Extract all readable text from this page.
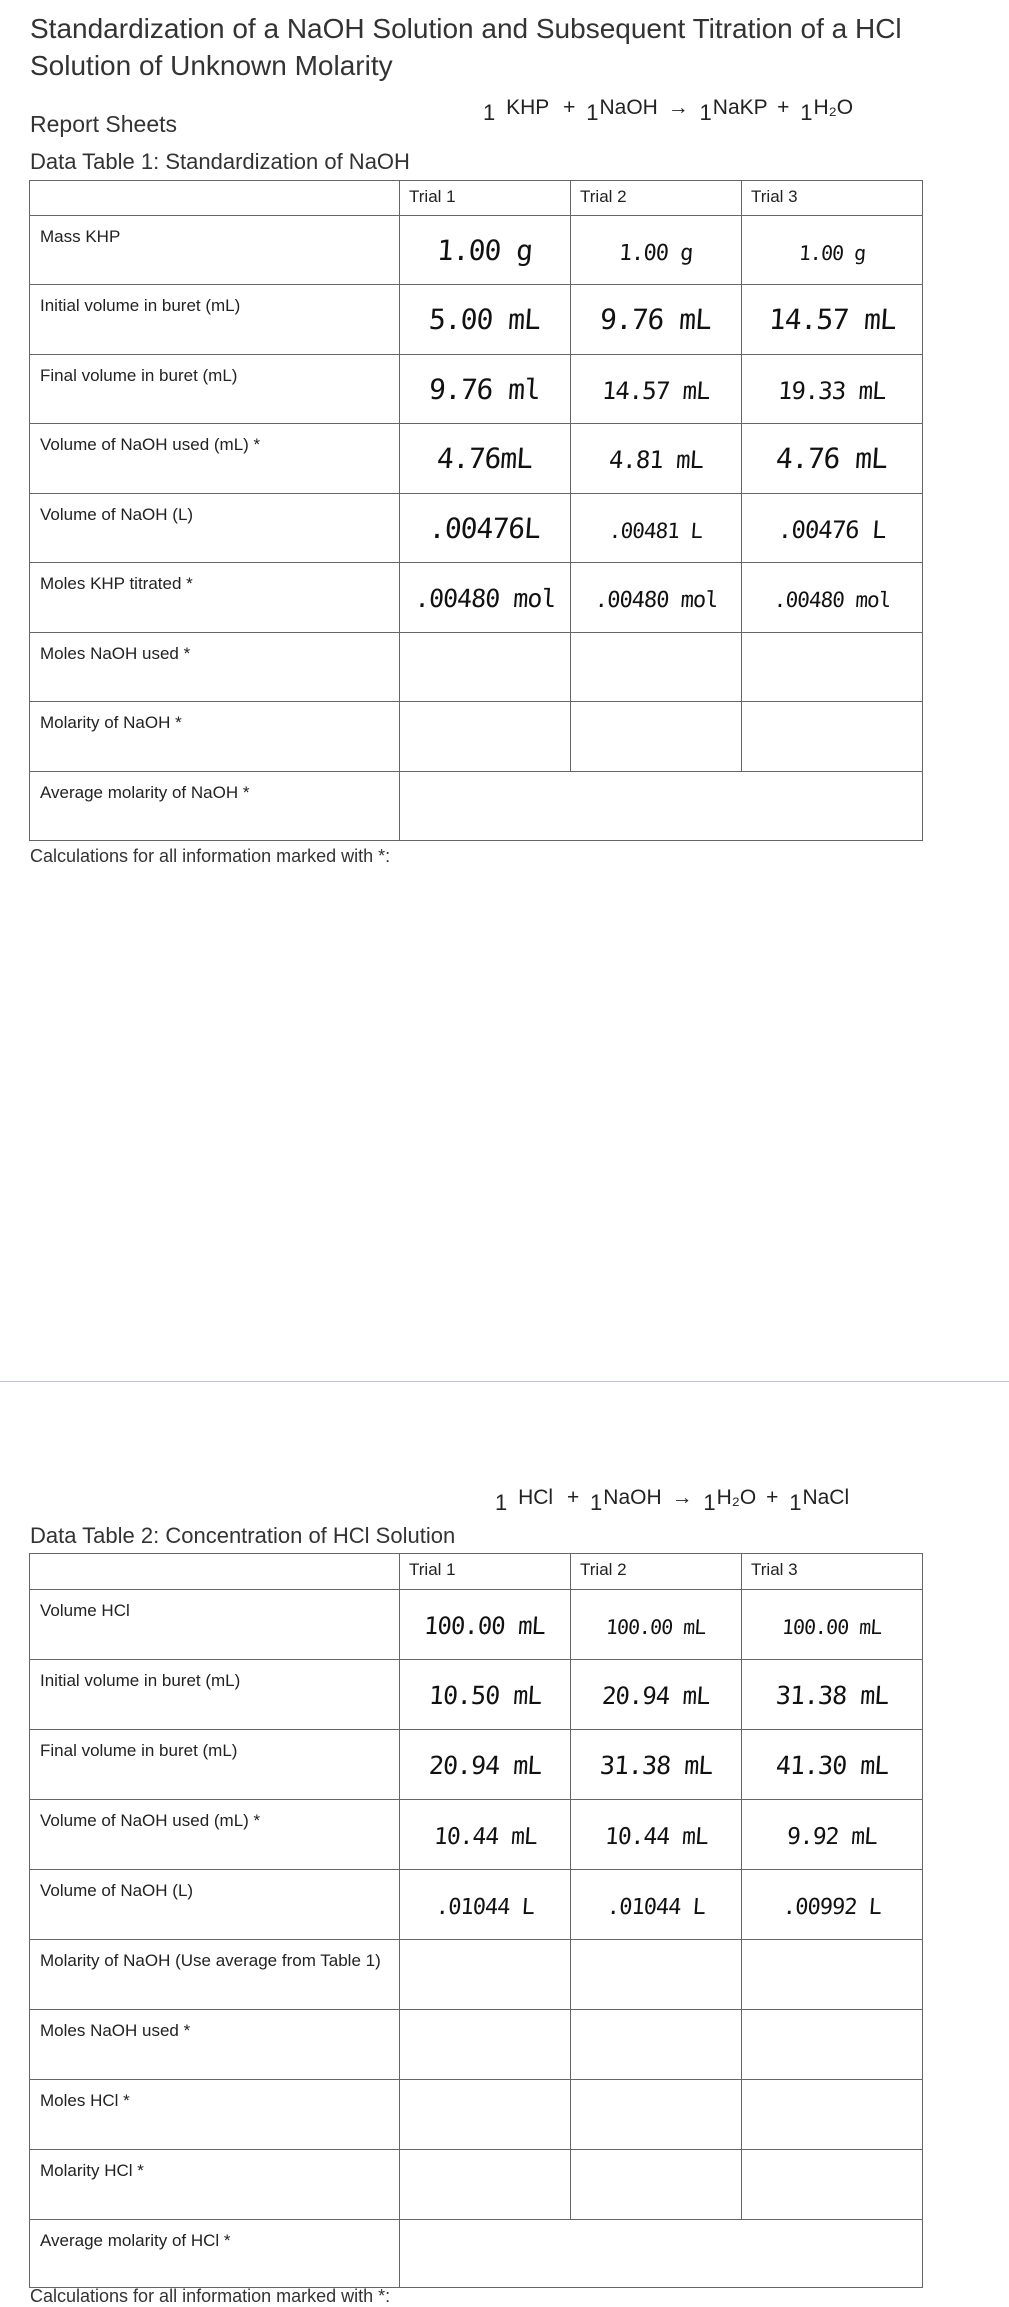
Standardization of a NaOH Solution and Subsequent Titration of a HCl Solution of Unknown Molarity
Report Sheets	1 KHP + 1NaOH → 1NaKP + 1H₂O
Data Table 1: Standardization of NaOH
	Trial 1	Trial 2	Trial 3
Mass KHP	1.00 g	1.00 g	1.00 g
Initial volume in buret (mL)	5.00 mL	9.76 mL	14.57 mL
Final volume in buret (mL)	9.76 ml	14.57 mL	19.33 mL
Volume of NaOH used (mL) *	4.76mL	4.81 mL	4.76 mL
Volume of NaOH (L)	.00476L	.00481 L	.00476 L
Moles KHP titrated *	.00480 mol	.00480 mol	.00480 mol
Moles NaOH used *			
Molarity of NaOH *			
Average molarity of NaOH *			
Calculations for all information marked with *:
1 HCl + 1NaOH → 1H₂O + 1NaCl
Data Table 2: Concentration of HCl Solution
	Trial 1	Trial 2	Trial 3
Volume HCl	100.00 mL	100.00 mL	100.00 mL
Initial volume in buret (mL)	10.50 mL	20.94 mL	31.38 mL
Final volume in buret (mL)	20.94 mL	31.38 mL	41.30 mL
Volume of NaOH used (mL) *	10.44 mL	10.44 mL	9.92 mL
Volume of NaOH (L)	.01044 L	.01044 L	.00992 L
Molarity of NaOH (Use average from Table 1)			
Moles NaOH used *			
Moles HCl *			
Molarity HCl *			
Average molarity of HCl *			
Calculations for all information marked with *:
